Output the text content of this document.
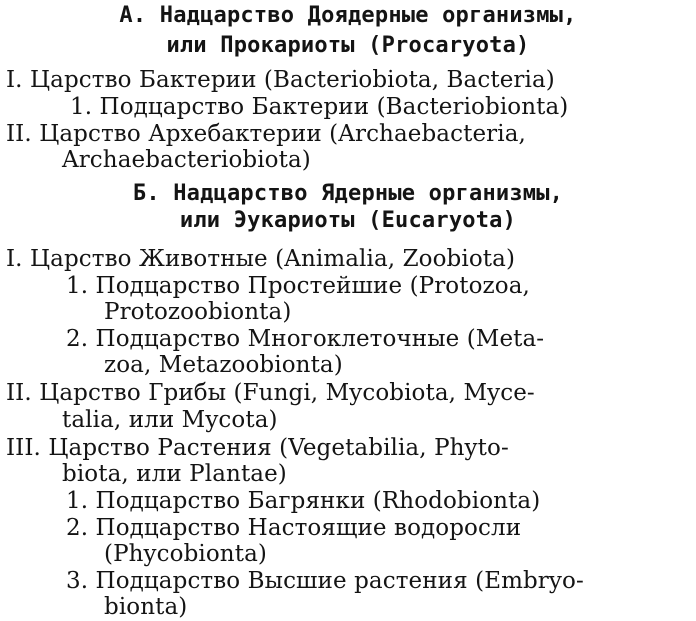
А. Надцарство Доядерные организмы,
или Прокариоты (Procaryota)
I. Царство Бактерии (Bacteriobiota, Bacteria)
1. Подцарство Бактерии (Bacteriobionta)
II. Царство Архебактерии (Archaebacteria,
Archaebacteriobiota)
Б. Надцарство Ядерные организмы,
или Эукариоты (Eucaryota)
I. Царство Животные (Animalia, Zoobiota)
1. Подцарство Простейшие (Protozoa,
Protozoobionta)
2. Подцарство Многоклеточные (Meta-
zoa, Metazoobionta)
II. Царство Грибы (Fungi, Mycobiota, Myce-
talia, или Mycota)
III. Царство Растения (Vegetabilia, Phyto-
biota, или Plantae)
1. Подцарство Багрянки (Rhodobionta)
2. Подцарство Настоящие водоросли
(Phycobionta)
3. Подцарство Высшие растения (Embryo-
bionta)
